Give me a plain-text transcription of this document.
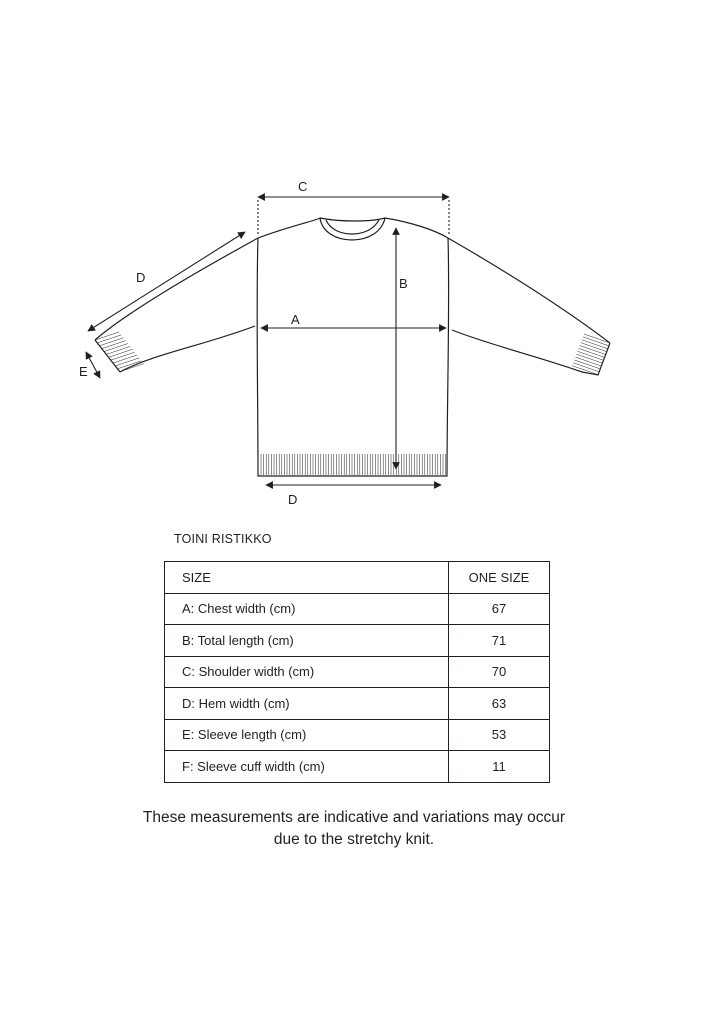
C
D
E
A
B
D
TOINI RISTIKKO
SIZE	ONE SIZE
A: Chest width (cm)	67
B: Total length (cm)	71
C: Shoulder width (cm)	70
D: Hem width (cm)	63
E: Sleeve length (cm)	53
F: Sleeve cuff width (cm)	11
These measurements are indicative and variations may occur
due to the stretchy knit.
